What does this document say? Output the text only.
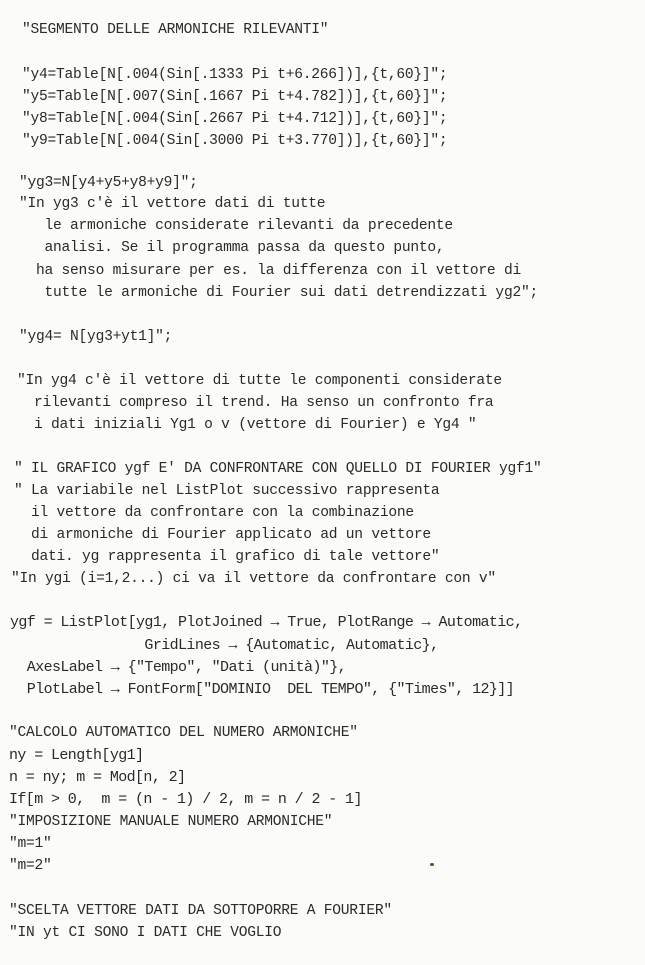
"SEGMENTO DELLE ARMONICHE RILEVANTI"
"y4=Table[N[.004(Sin[.1333 Pi t+6.266])],{t,60}]";
"y5=Table[N[.007(Sin[.1667 Pi t+4.782])],{t,60}]";
"y8=Table[N[.004(Sin[.2667 Pi t+4.712])],{t,60}]";
"y9=Table[N[.004(Sin[.3000 Pi t+3.770])],{t,60}]";
"yg3=N[y4+y5+y8+y9]";
"In yg3 c'è il vettore dati di tutte
le armoniche considerate rilevanti da precedente
analisi. Se il programma passa da questo punto,
ha senso misurare per es. la differenza con il vettore di
tutte le armoniche di Fourier sui dati detrendizzati yg2";
"yg4= N[yg3+yt1]";
"In yg4 c'è il vettore di tutte le componenti considerate
rilevanti compreso il trend. Ha senso un confronto fra
i dati iniziali Yg1 o v (vettore di Fourier) e Yg4 "
" IL GRAFICO ygf E' DA CONFRONTARE CON QUELLO DI FOURIER ygf1"
" La variabile nel ListPlot successivo rappresenta
il vettore da confrontare con la combinazione
di armoniche di Fourier applicato ad un vettore
dati. yg rappresenta il grafico di tale vettore"
"In ygi (i=1,2...) ci va il vettore da confrontare con v"
ygf = ListPlot[yg1, PlotJoined → True, PlotRange → Automatic,
GridLines → {Automatic, Automatic},
AxesLabel → {"Tempo", "Dati (unità)"},
PlotLabel → FontForm["DOMINIO  DEL TEMPO", {"Times", 12}]]
"CALCOLO AUTOMATICO DEL NUMERO ARMONICHE"
ny = Length[yg1]
n = ny; m = Mod[n, 2]
If[m > 0,  m = (n - 1) / 2, m = n / 2 - 1]
"IMPOSIZIONE MANUALE NUMERO ARMONICHE"
"m=1"
"m=2"
"SCELTA VETTORE DATI DA SOTTOPORRE A FOURIER"
"IN yt CI SONO I DATI CHE VOGLIO
